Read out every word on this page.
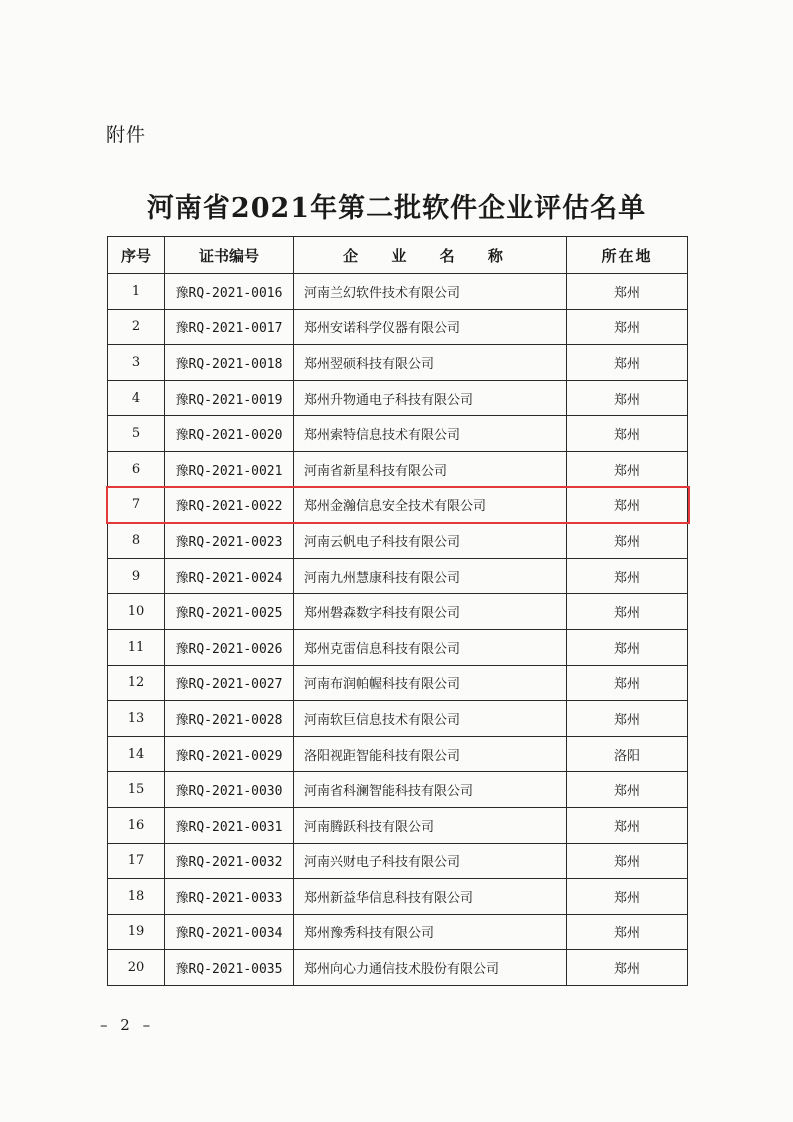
附件
河南省2021年第二批软件企业评估名单
序号	证书编号	企 业 名 称	所在地
1	豫RQ-2021-0016	河南兰幻软件技术有限公司	郑州
2	豫RQ-2021-0017	郑州安诺科学仪器有限公司	郑州
3	豫RQ-2021-0018	郑州翌硕科技有限公司	郑州
4	豫RQ-2021-0019	郑州升物通电子科技有限公司	郑州
5	豫RQ-2021-0020	郑州索特信息技术有限公司	郑州
6	豫RQ-2021-0021	河南省新星科技有限公司	郑州
7	豫RQ-2021-0022	郑州金瀚信息安全技术有限公司	郑州
8	豫RQ-2021-0023	河南云帆电子科技有限公司	郑州
9	豫RQ-2021-0024	河南九州慧康科技有限公司	郑州
10	豫RQ-2021-0025	郑州磐森数字科技有限公司	郑州
11	豫RQ-2021-0026	郑州克雷信息科技有限公司	郑州
12	豫RQ-2021-0027	河南布润帕幄科技有限公司	郑州
13	豫RQ-2021-0028	河南软巨信息技术有限公司	郑州
14	豫RQ-2021-0029	洛阳视距智能科技有限公司	洛阳
15	豫RQ-2021-0030	河南省科澜智能科技有限公司	郑州
16	豫RQ-2021-0031	河南腾跃科技有限公司	郑州
17	豫RQ-2021-0032	河南兴财电子科技有限公司	郑州
18	豫RQ-2021-0033	郑州新益华信息科技有限公司	郑州
19	豫RQ-2021-0034	郑州豫秀科技有限公司	郑州
20	豫RQ-2021-0035	郑州向心力通信技术股份有限公司	郑州
– 2 –
